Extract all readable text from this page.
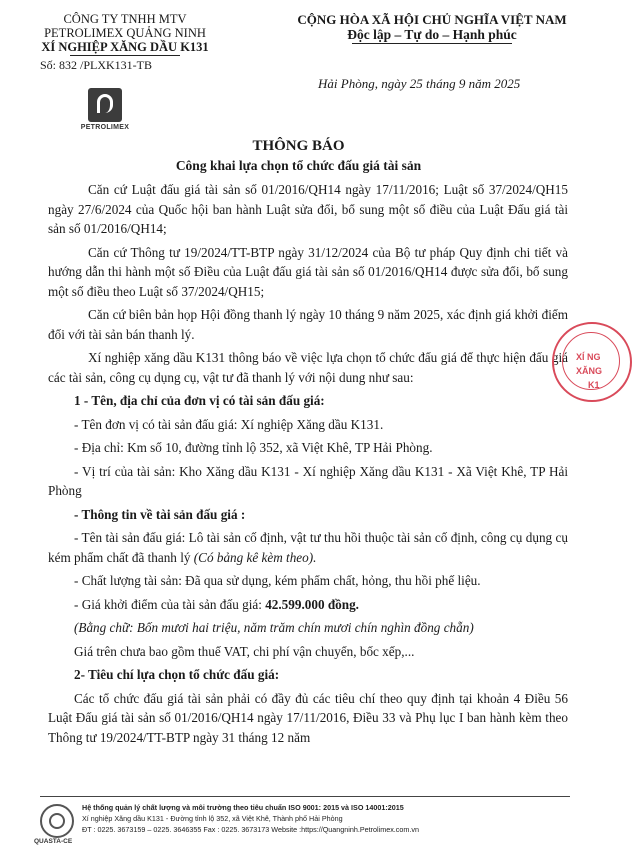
CÔNG TY TNHH MTV
PETROLIMEX QUẢNG NINH
XÍ NGHIỆP XĂNG DẦU K131
Số: 832 /PLXK131-TB
PETROLIMEX
CỘNG HÒA XÃ HỘI CHỦ NGHĨA VIỆT NAM
Độc lập – Tự do – Hạnh phúc
Hải Phòng, ngày 25 tháng 9 năm 2025
THÔNG BÁO
Công khai lựa chọn tổ chức đấu giá tài sản

Căn cứ Luật đấu giá tài sản số 01/2016/QH14 ngày 17/11/2016; Luật số 37/2024/QH15 ngày 27/6/2024 của Quốc hội ban hành Luật sửa đổi, bổ sung một số điều của Luật Đấu giá tài sản số 01/2016/QH14;

Căn cứ Thông tư 19/2024/TT-BTP ngày 31/12/2024 của Bộ tư pháp Quy định chi tiết và hướng dẫn thi hành một số Điều của Luật đấu giá tài sản số 01/2016/QH14 được sửa đổi, bổ sung một số điều theo Luật số 37/2024/QH15;

Căn cứ biên bản họp Hội đồng thanh lý ngày 10 tháng 9 năm 2025, xác định giá khởi điểm đối với tài sản bán thanh lý.

Xí nghiệp xăng dầu K131 thông báo về việc lựa chọn tổ chức đấu giá để thực hiện đấu giá các tài sản, công cụ dụng cụ, vật tư đã thanh lý với nội dung như sau:

1 - Tên, địa chỉ của đơn vị có tài sản đấu giá:

- Tên đơn vị có tài sản đấu giá: Xí nghiệp Xăng dầu K131.

- Địa chỉ: Km số 10, đường tỉnh lộ 352, xã Việt Khê, TP Hải Phòng.

- Vị trí của tài sản: Kho Xăng dầu K131 - Xí nghiệp Xăng dầu K131 - Xã Việt Khê, TP Hải Phòng

- Thông tin về tài sản đấu giá :

- Tên tài sản đấu giá: Lô tài sản cố định, vật tư thu hồi thuộc tài sản cố định, công cụ dụng cụ kém phẩm chất đã thanh lý (Có bảng kê kèm theo).

- Chất lượng tài sản: Đã qua sử dụng, kém phẩm chất, hỏng, thu hồi phế liệu.

- Giá khởi điểm của tài sản đấu giá: 42.599.000 đồng.

(Bằng chữ: Bốn mươi hai triệu, năm trăm chín mươi chín nghìn đồng chẵn)

Giá trên chưa bao gồm thuế VAT, chi phí vận chuyển, bốc xếp,...

2- Tiêu chí lựa chọn tổ chức đấu giá:

Các tổ chức đấu giá tài sản phải có đầy đủ các tiêu chí theo quy định tại khoản 4 Điều 56 Luật Đấu giá tài sản số 01/2016/QH14 ngày 17/11/2016, Điều 33 và Phụ lục I ban hành kèm theo Thông tư 19/2024/TT-BTP ngày 31 tháng 12 năm

XÍ NG
XĂNG
K1
QUASTA-CE
Hệ thống quản lý chất lượng và môi trường theo tiêu chuẩn ISO 9001: 2015 và ISO 14001:2015
Xí nghiệp Xăng dầu K131 - Đường tỉnh lộ 352, xã Việt Khê, Thành phố Hải Phòng
ĐT : 0225. 3673159 – 0225. 3646355 Fax : 0225. 3673173 Website :https://Quangninh.Petrolimex.com.vn
